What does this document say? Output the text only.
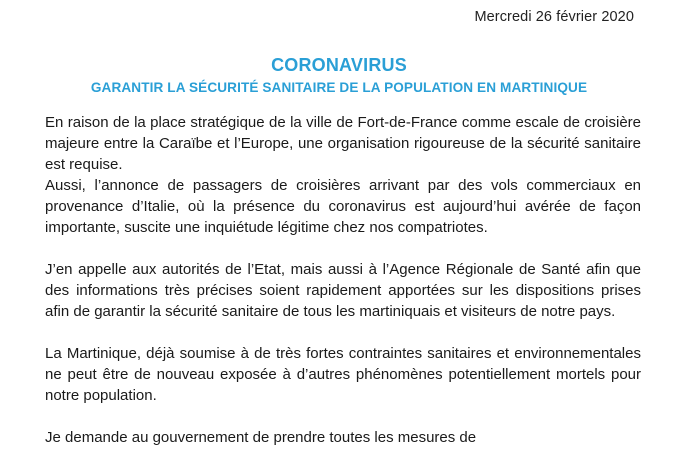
Mercredi 26 février 2020
CORONAVIRUS
GARANTIR LA SÉCURITÉ SANITAIRE DE LA POPULATION EN MARTINIQUE

En raison de la place stratégique de la ville de Fort-de-France comme escale de croisière majeure entre la Caraïbe et l’Europe, une organisation rigoureuse de la sécurité sanitaire est requise.

Aussi, l’annonce de passagers de croisières arrivant par des vols commerciaux en provenance d’Italie, où la présence du coronavirus est aujourd’hui avérée de façon importante, suscite une inquiétude légitime chez nos compatriotes.

J’en appelle aux autorités de l’Etat, mais aussi à l’Agence Régionale de Santé afin que des informations très précises soient rapidement apportées sur les dispositions prises afin de garantir la sécurité sanitaire de tous les martiniquais et visiteurs de notre pays.

La Martinique, déjà soumise à de très fortes contraintes sanitaires et environnementales ne peut être de nouveau exposée à d’autres phénomènes potentiellement mortels pour notre population.

Je demande au gouvernement de prendre toutes les mesures de
